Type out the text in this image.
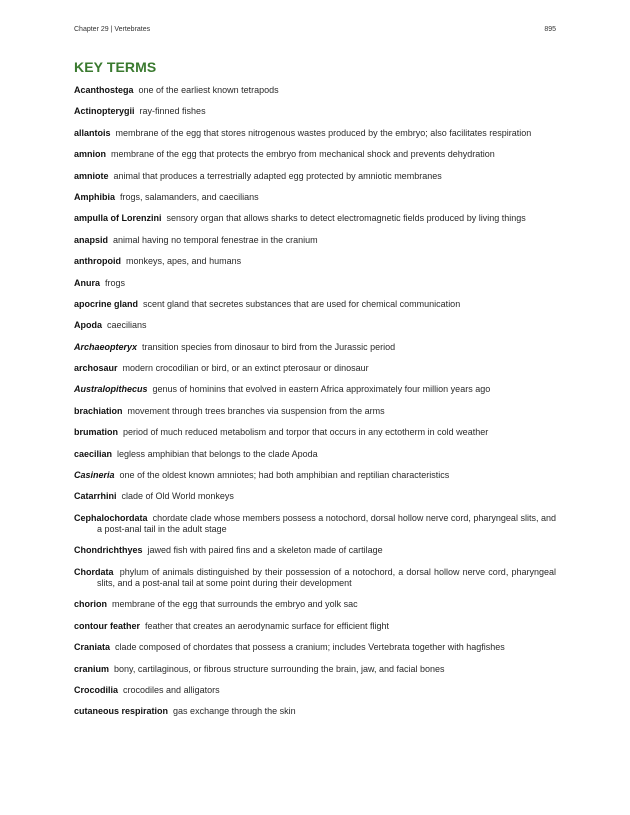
Chapter 29 | Vertebrates	895
KEY TERMS

Acanthostega one of the earliest known tetrapods

Actinopterygii ray-finned fishes

allantois membrane of the egg that stores nitrogenous wastes produced by the embryo; also facilitates respiration

amnion membrane of the egg that protects the embryo from mechanical shock and prevents dehydration

amniote animal that produces a terrestrially adapted egg protected by amniotic membranes

Amphibia frogs, salamanders, and caecilians

ampulla of Lorenzini sensory organ that allows sharks to detect electromagnetic fields produced by living things

anapsid animal having no temporal fenestrae in the cranium

anthropoid monkeys, apes, and humans

Anura frogs

apocrine gland scent gland that secretes substances that are used for chemical communication

Apoda caecilians

Archaeopteryx transition species from dinosaur to bird from the Jurassic period

archosaur modern crocodilian or bird, or an extinct pterosaur or dinosaur

Australopithecus genus of hominins that evolved in eastern Africa approximately four million years ago

brachiation movement through trees branches via suspension from the arms

brumation period of much reduced metabolism and torpor that occurs in any ectotherm in cold weather

caecilian legless amphibian that belongs to the clade Apoda

Casineria one of the oldest known amniotes; had both amphibian and reptilian characteristics

Catarrhini clade of Old World monkeys

Cephalochordata chordate clade whose members possess a notochord, dorsal hollow nerve cord, pharyngeal slits, and a post-anal tail in the adult stage

Chondrichthyes jawed fish with paired fins and a skeleton made of cartilage

Chordata phylum of animals distinguished by their possession of a notochord, a dorsal hollow nerve cord, pharyngeal slits, and a post-anal tail at some point during their development

chorion membrane of the egg that surrounds the embryo and yolk sac

contour feather feather that creates an aerodynamic surface for efficient flight

Craniata clade composed of chordates that possess a cranium; includes Vertebrata together with hagfishes

cranium bony, cartilaginous, or fibrous structure surrounding the brain, jaw, and facial bones

Crocodilia crocodiles and alligators

cutaneous respiration gas exchange through the skin
